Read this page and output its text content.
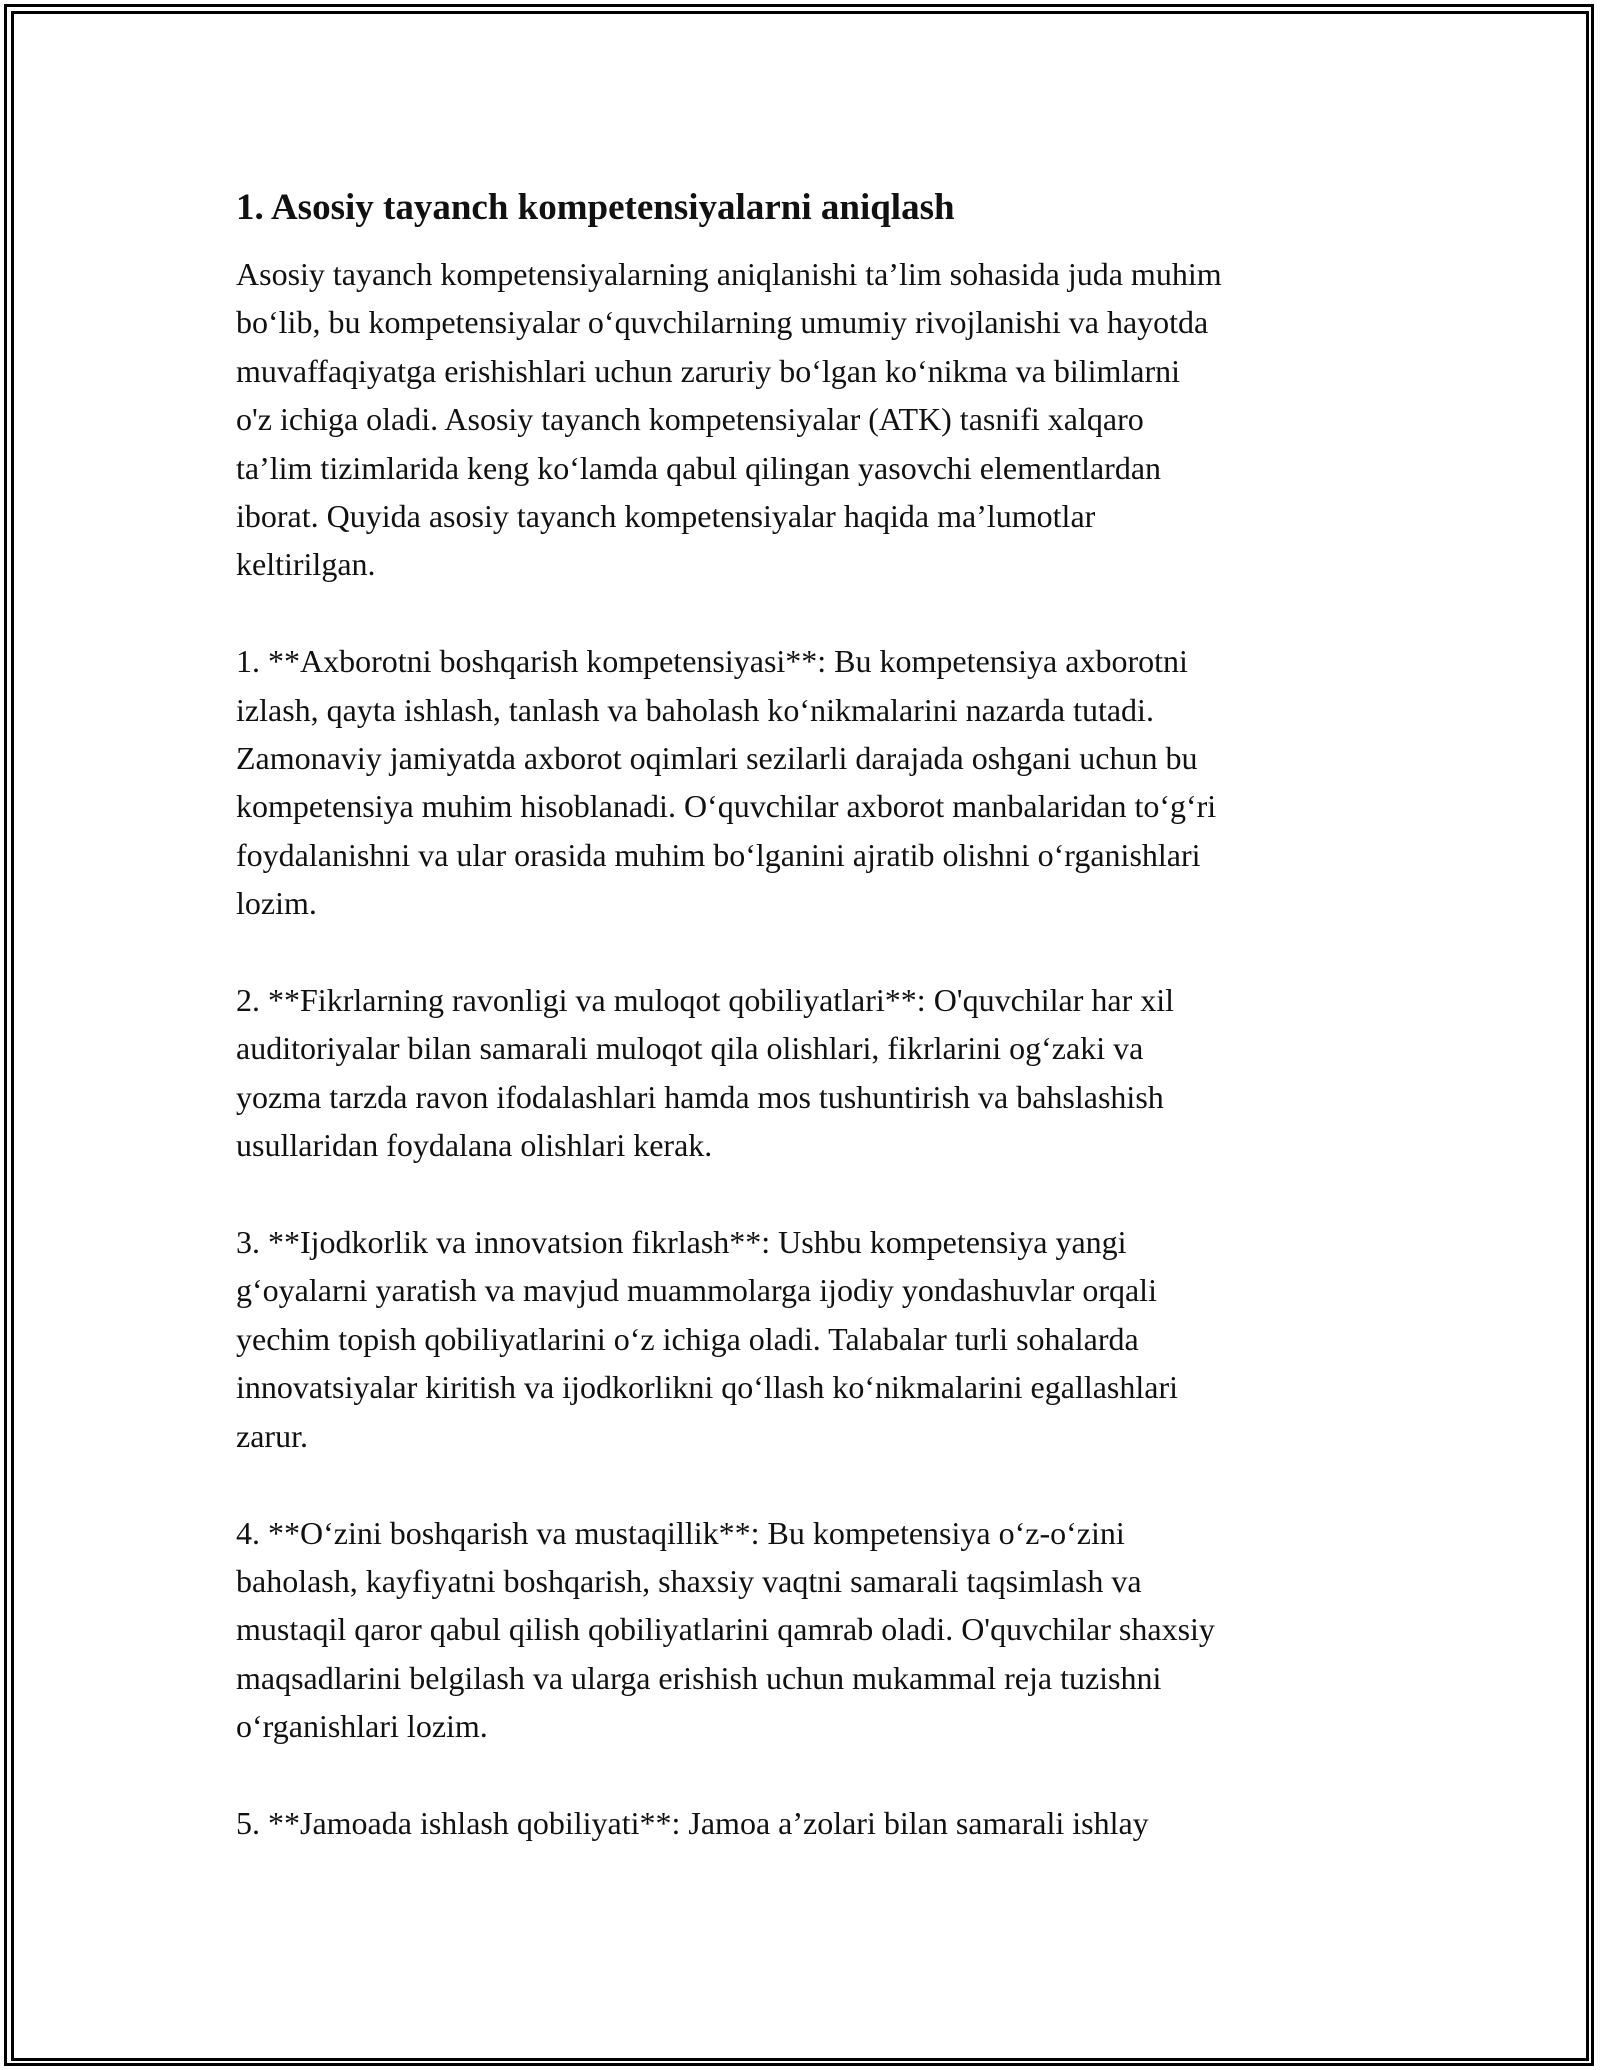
1. Asosiy tayanch kompetensiyalarni aniqlash
Asosiy tayanch kompetensiyalarning aniqlanishi ta’lim sohasida juda muhim
bo‘lib, bu kompetensiyalar o‘quvchilarning umumiy rivojlanishi va hayotda
muvaffaqiyatga erishishlari uchun zaruriy bo‘lgan ko‘nikma va bilimlarni
o'z ichiga oladi. Asosiy tayanch kompetensiyalar (ATK) tasnifi xalqaro
ta’lim tizimlarida keng ko‘lamda qabul qilingan yasovchi elementlardan
iborat. Quyida asosiy tayanch kompetensiyalar haqida ma’lumotlar
keltirilgan.
1. **Axborotni boshqarish kompetensiyasi**: Bu kompetensiya axborotni
izlash, qayta ishlash, tanlash va baholash ko‘nikmalarini nazarda tutadi.
Zamonaviy jamiyatda axborot oqimlari sezilarli darajada oshgani uchun bu
kompetensiya muhim hisoblanadi. O‘quvchilar axborot manbalaridan to‘g‘ri
foydalanishni va ular orasida muhim bo‘lganini ajratib olishni o‘rganishlari
lozim.
2. **Fikrlarning ravonligi va muloqot qobiliyatlari**: O'quvchilar har xil
auditoriyalar bilan samarali muloqot qila olishlari, fikrlarini og‘zaki va
yozma tarzda ravon ifodalashlari hamda mos tushuntirish va bahslashish
usullaridan foydalana olishlari kerak.
3. **Ijodkorlik va innovatsion fikrlash**: Ushbu kompetensiya yangi
g‘oyalarni yaratish va mavjud muammolarga ijodiy yondashuvlar orqali
yechim topish qobiliyatlarini o‘z ichiga oladi. Talabalar turli sohalarda
innovatsiyalar kiritish va ijodkorlikni qo‘llash ko‘nikmalarini egallashlari
zarur.
4. **O‘zini boshqarish va mustaqillik**: Bu kompetensiya o‘z-o‘zini
baholash, kayfiyatni boshqarish, shaxsiy vaqtni samarali taqsimlash va
mustaqil qaror qabul qilish qobiliyatlarini qamrab oladi. O'quvchilar shaxsiy
maqsadlarini belgilash va ularga erishish uchun mukammal reja tuzishni
o‘rganishlari lozim.
5. **Jamoada ishlash qobiliyati**: Jamoa a’zolari bilan samarali ishlay
